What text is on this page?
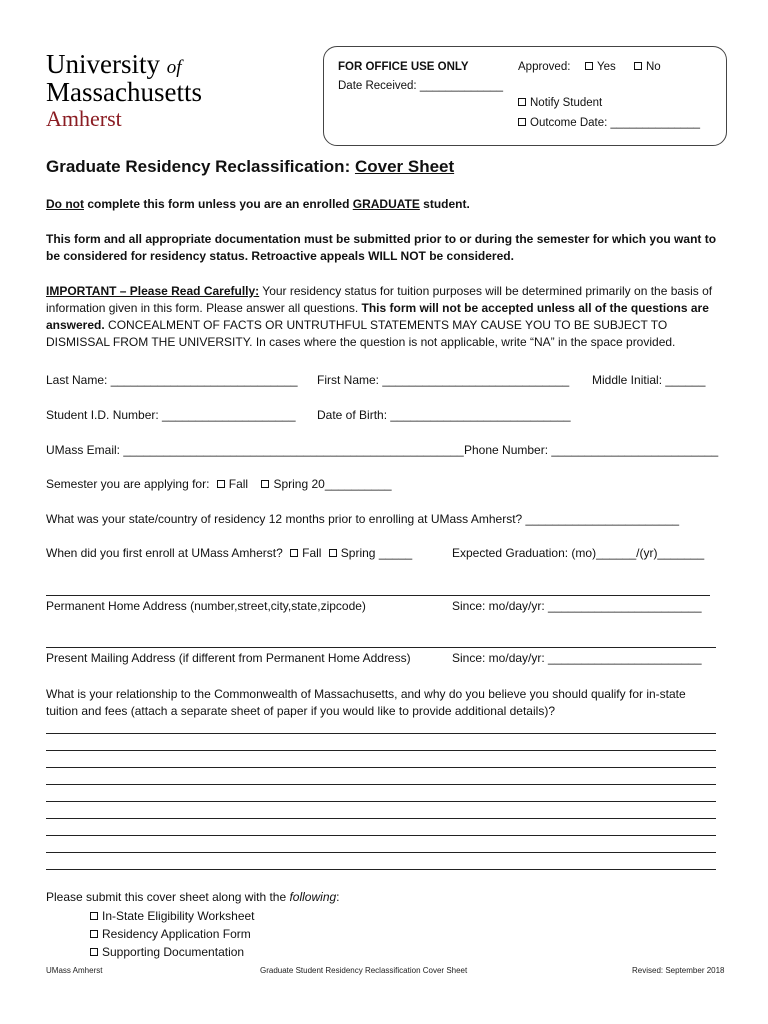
University of
Massachusetts
Amherst
FOR OFFICE USE ONLY
Date Received: _____________
Approved:	Yes	No
Notify Student
Outcome Date: ______________
Graduate Residency Reclassification: Cover Sheet
Do not complete this form unless you are an enrolled GRADUATE student.
This form and all appropriate documentation must be submitted prior to or during the semester for which you want to be considered for residency status. Retroactive appeals WILL NOT be considered.
IMPORTANT – Please Read Carefully: Your residency status for tuition purposes will be determined primarily on the basis of information given in this form. Please answer all questions. This form will not be accepted unless all of the questions are answered. CONCEALMENT OF FACTS OR UNTRUTHFUL STATEMENTS MAY CAUSE YOU TO BE SUBJECT TO DISMISSAL FROM THE UNIVERSITY. In cases where the question is not applicable, write “NA” in the space provided.
Last Name: ____________________________ First Name: ____________________________ Middle Initial: ______
Student I.D. Number: ____________________ Date of Birth: ___________________________
UMass Email: ___________________________________________________ Phone Number: _________________________
Semester you are applying for: Fall Spring 20__________
What was your state/country of residency 12 months prior to enrolling at UMass Amherst? _______________________
When did you first enroll at UMass Amherst? Fall Spring _____	Expected Graduation: (mo)______/(yr)_______
Permanent Home Address (number,street,city,state,zipcode)	Since: mo/day/yr: _______________________
Present Mailing Address (if different from Permanent Home Address)	Since: mo/day/yr: _______________________
What is your relationship to the Commonwealth of Massachusetts, and why do you believe you should qualify for in-state tuition and fees (attach a separate sheet of paper if you would like to provide additional details)?
Please submit this cover sheet along with the following:
In-State Eligibility Worksheet
Residency Application Form
Supporting Documentation
UMass Amherst	Graduate Student Residency Reclassification Cover Sheet	Revised: September 2018
